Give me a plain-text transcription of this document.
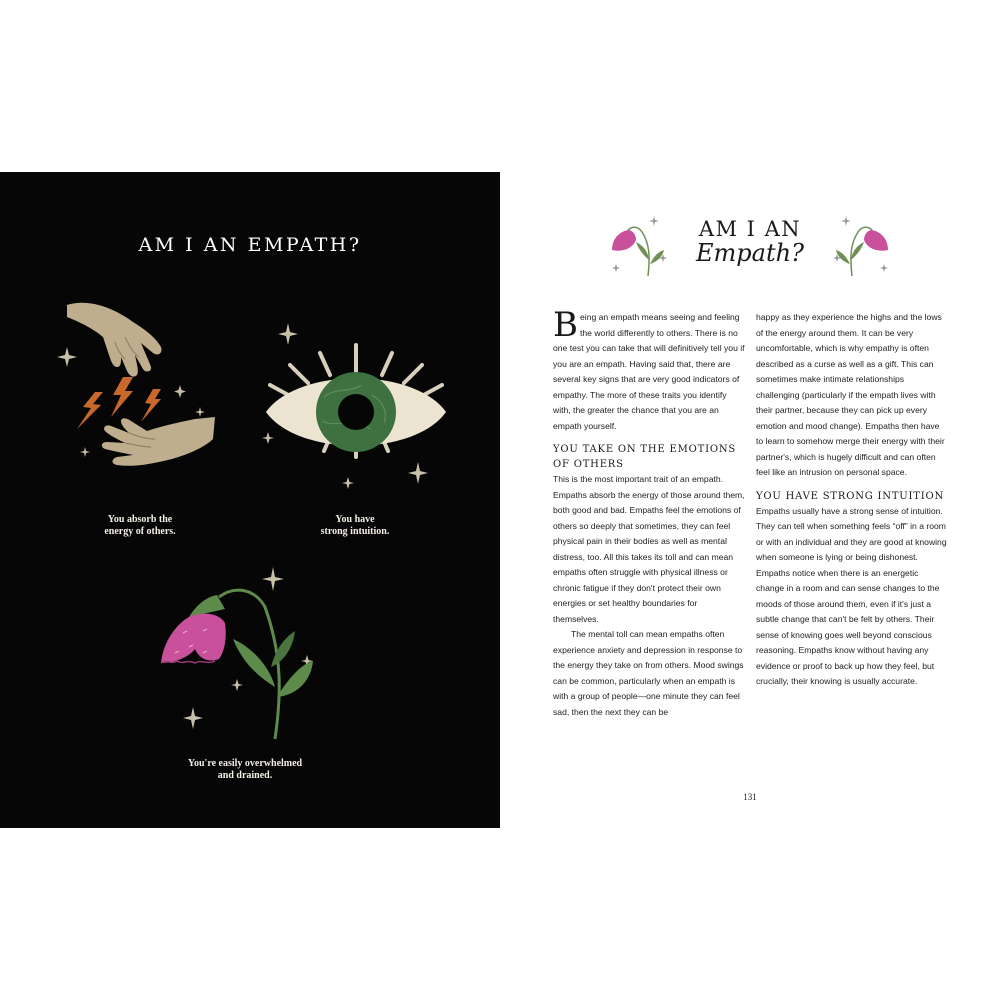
AM I AN EMPATH?
You absorb the
energy of others.
You have
strong intuition.
You're easily overwhelmed
and drained.
AM I AN
Empath?

Being an empath means seeing and feeling the world differently to others. There is no one test you can take that will definitively tell you if you are an empath. Having said that, there are several key signs that are very good indicators of empathy. The more of these traits you identify with, the greater the chance that you are an empath yourself.

YOU TAKE ON THE EMOTIONS OF OTHERS

This is the most important trait of an empath. Empaths absorb the energy of those around them, both good and bad. Empaths feel the emotions of others so deeply that sometimes, they can feel physical pain in their bodies as well as mental distress, too. All this takes its toll and can mean empaths often struggle with physical illness or chronic fatigue if they don't protect their own energies or set healthy boundaries for themselves.

The mental toll can mean empaths often experience anxiety and depression in response to the energy they take on from others. Mood swings can be common, particularly when an empath is with a group of people—one minute they can feel sad, then the next they can be

happy as they experience the highs and the lows of the energy around them. It can be very uncomfortable, which is why empathy is often described as a curse as well as a gift. This can sometimes make intimate relationships challenging (particularly if the empath lives with their partner, because they can pick up every emotion and mood change). Empaths then have to learn to somehow merge their energy with their partner's, which is hugely difficult and can often feel like an intrusion on personal space.

YOU HAVE STRONG INTUITION

Empaths usually have a strong sense of intuition. They can tell when something feels “off” in a room or with an individual and they are good at knowing when someone is lying or being dishonest. Empaths notice when there is an energetic change in a room and can sense changes to the moods of those around them, even if it's just a subtle change that can't be felt by others. Their sense of knowing goes well beyond conscious reasoning. Empaths know without having any evidence or proof to back up how they feel, but crucially, their knowing is usually accurate.

131
